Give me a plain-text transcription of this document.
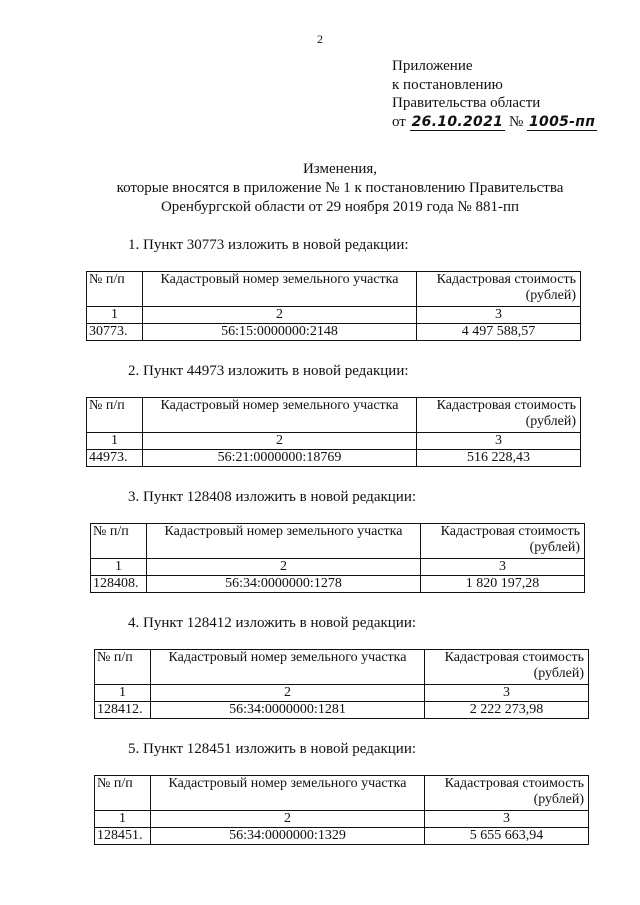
2
Приложение
к постановлению
Правительства области
от 26.10.2021 № 1005-пп
Изменения,
которые вносятся в приложение № 1 к постановлению Правительства
Оренбургской области от 29 ноября 2019 года № 881-пп
1. Пункт 30773 изложить в новой редакции:
№ п/п	Кадастровый номер земельного участка	Кадастровая стоимость
(рублей)
1	2	3
30773.	56:15:0000000:2148	4 497 588,57
2. Пункт 44973 изложить в новой редакции:
№ п/п	Кадастровый номер земельного участка	Кадастровая стоимость
(рублей)
1	2	3
44973.	56:21:0000000:18769	516 228,43
3. Пункт 128408 изложить в новой редакции:
№ п/п	Кадастровый номер земельного участка	Кадастровая стоимость
(рублей)
1	2	3
128408.	56:34:0000000:1278	1 820 197,28
4. Пункт 128412 изложить в новой редакции:
№ п/п	Кадастровый номер земельного участка	Кадастровая стоимость
(рублей)
1	2	3
128412.	56:34:0000000:1281	2 222 273,98
5. Пункт 128451 изложить в новой редакции:
№ п/п	Кадастровый номер земельного участка	Кадастровая стоимость
(рублей)
1	2	3
128451.	56:34:0000000:1329	5 655 663,94
